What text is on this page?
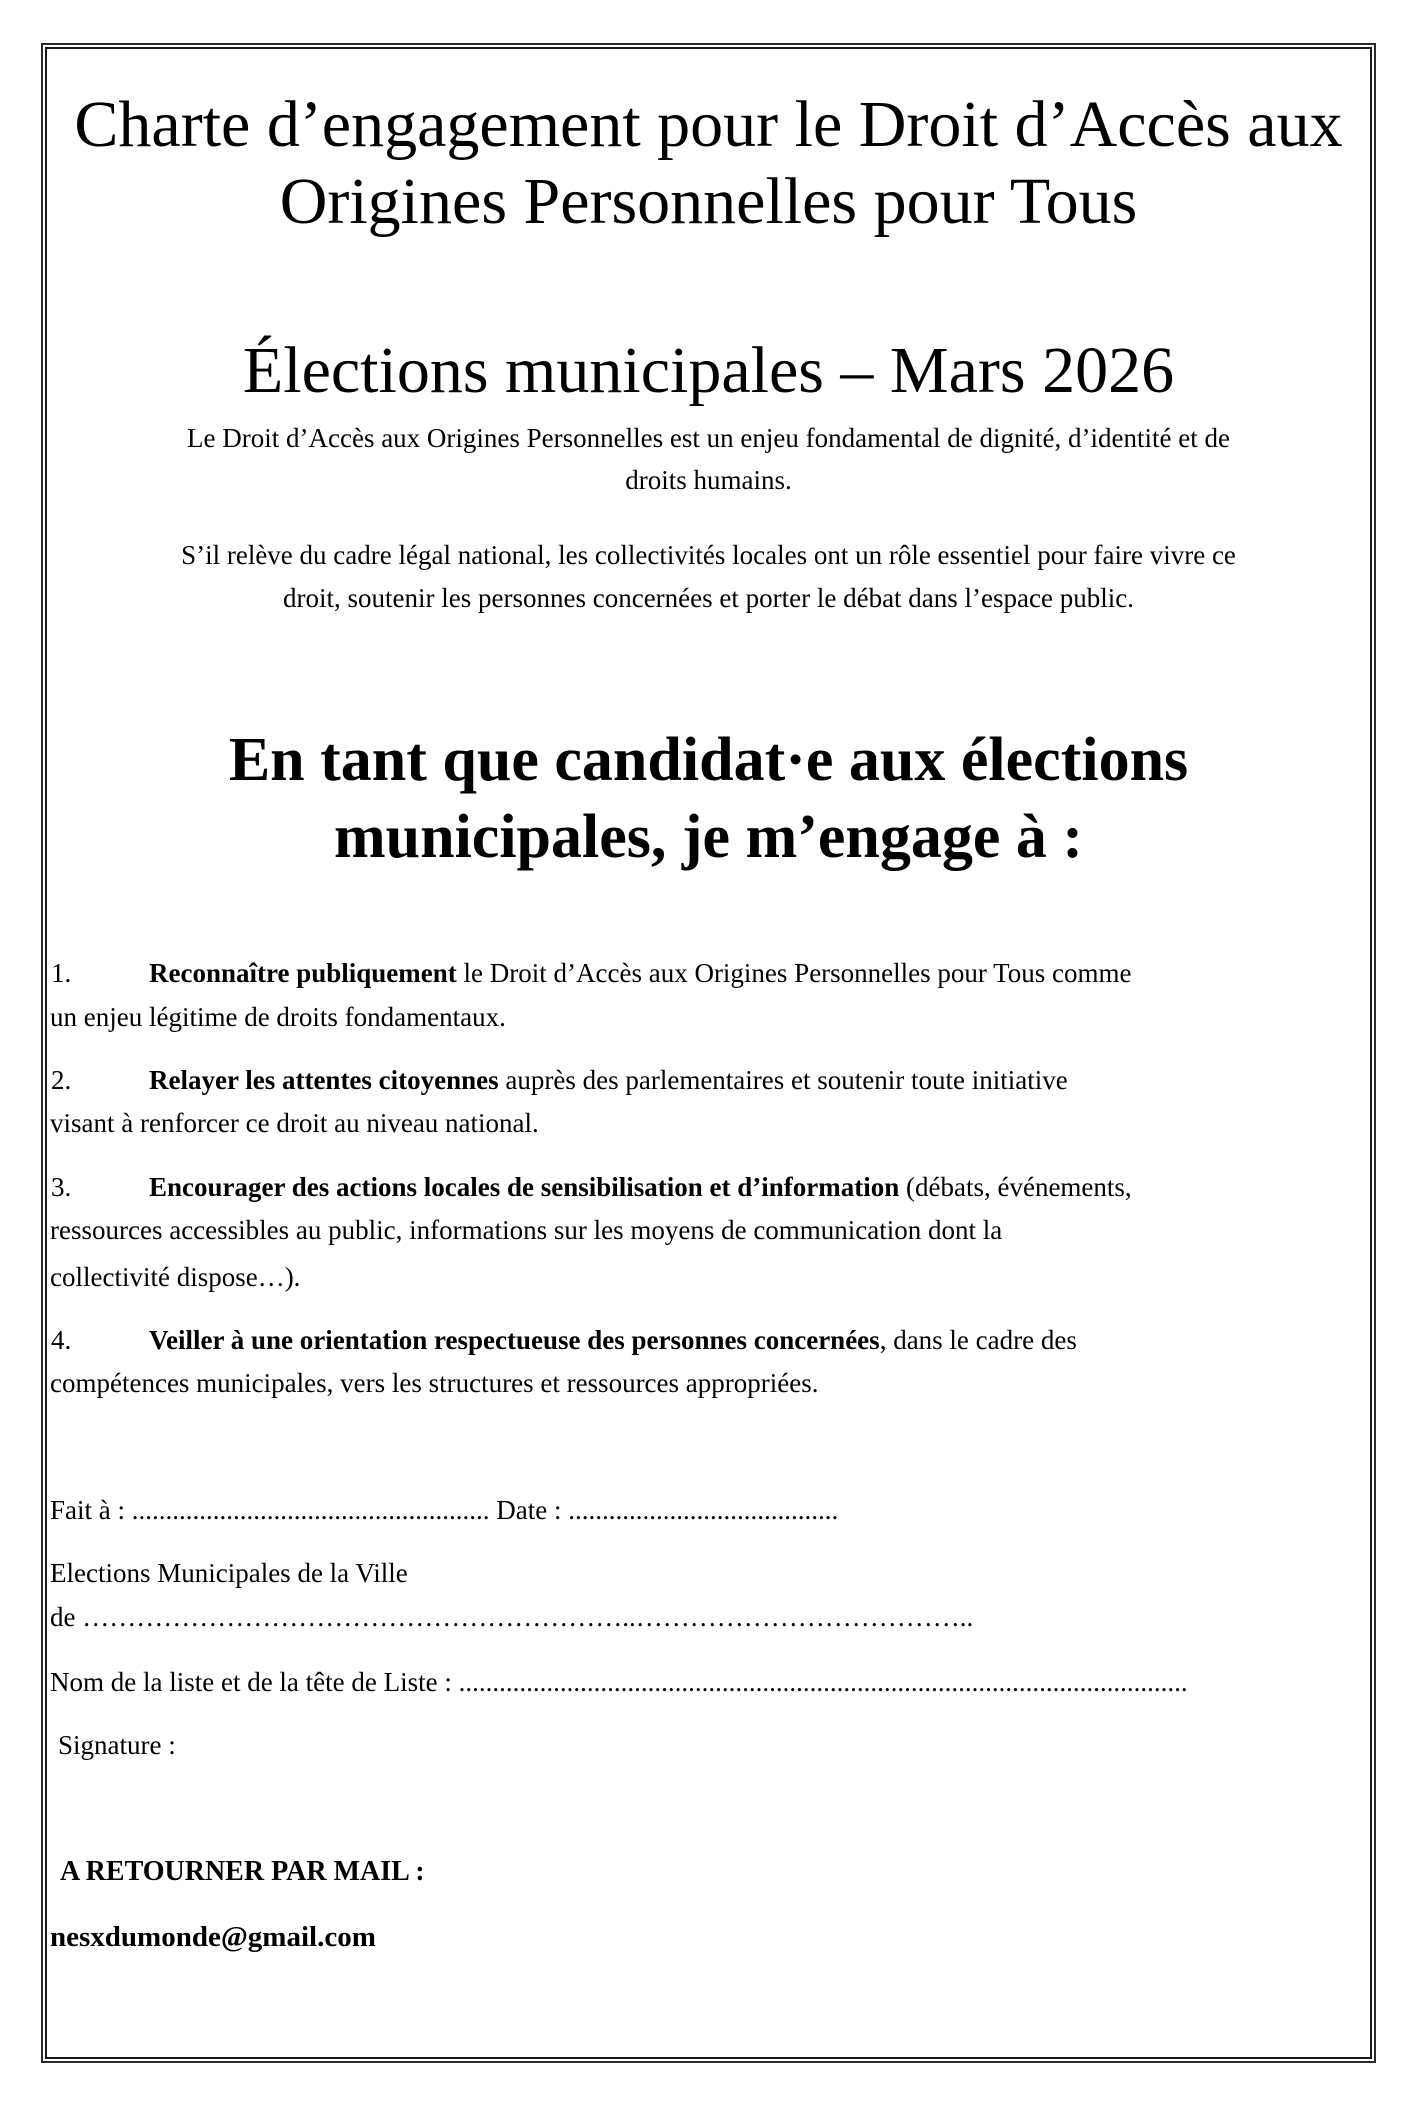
Charte d’engagement pour le Droit d’Accès aux
Origines Personnelles pour Tous
Élections municipales – Mars 2026
Le Droit d’Accès aux Origines Personnelles est un enjeu fondamental de dignité, d’identité et de
droits humains.
S’il relève du cadre légal national, les collectivités locales ont un rôle essentiel pour faire vivre ce
droit, soutenir les personnes concernées et porter le débat dans l’espace public.
En tant que candidat·e aux élections
municipales, je m’engage à :
1.	Reconnaître publiquement le Droit d’Accès aux Origines Personnelles pour Tous comme
un enjeu légitime de droits fondamentaux.
2.	Relayer les attentes citoyennes auprès des parlementaires et soutenir toute initiative
visant à renforcer ce droit au niveau national.
3.	Encourager des actions locales de sensibilisation et d’information (débats, événements,
ressources accessibles au public, informations sur les moyens de communication dont la
collectivité dispose…).
4.	Veiller à une orientation respectueuse des personnes concernées, dans le cadre des
compétences municipales, vers les structures et ressources appropriées.
Fait à : ..................................................... Date : ........................................
Elections Municipales de la Ville
de ……………………………………………………..………………………………..
Nom de la liste et de la tête de Liste : ............................................................................................................
Signature :
A RETOURNER PAR MAIL :
nesxdumonde@gmail.com
